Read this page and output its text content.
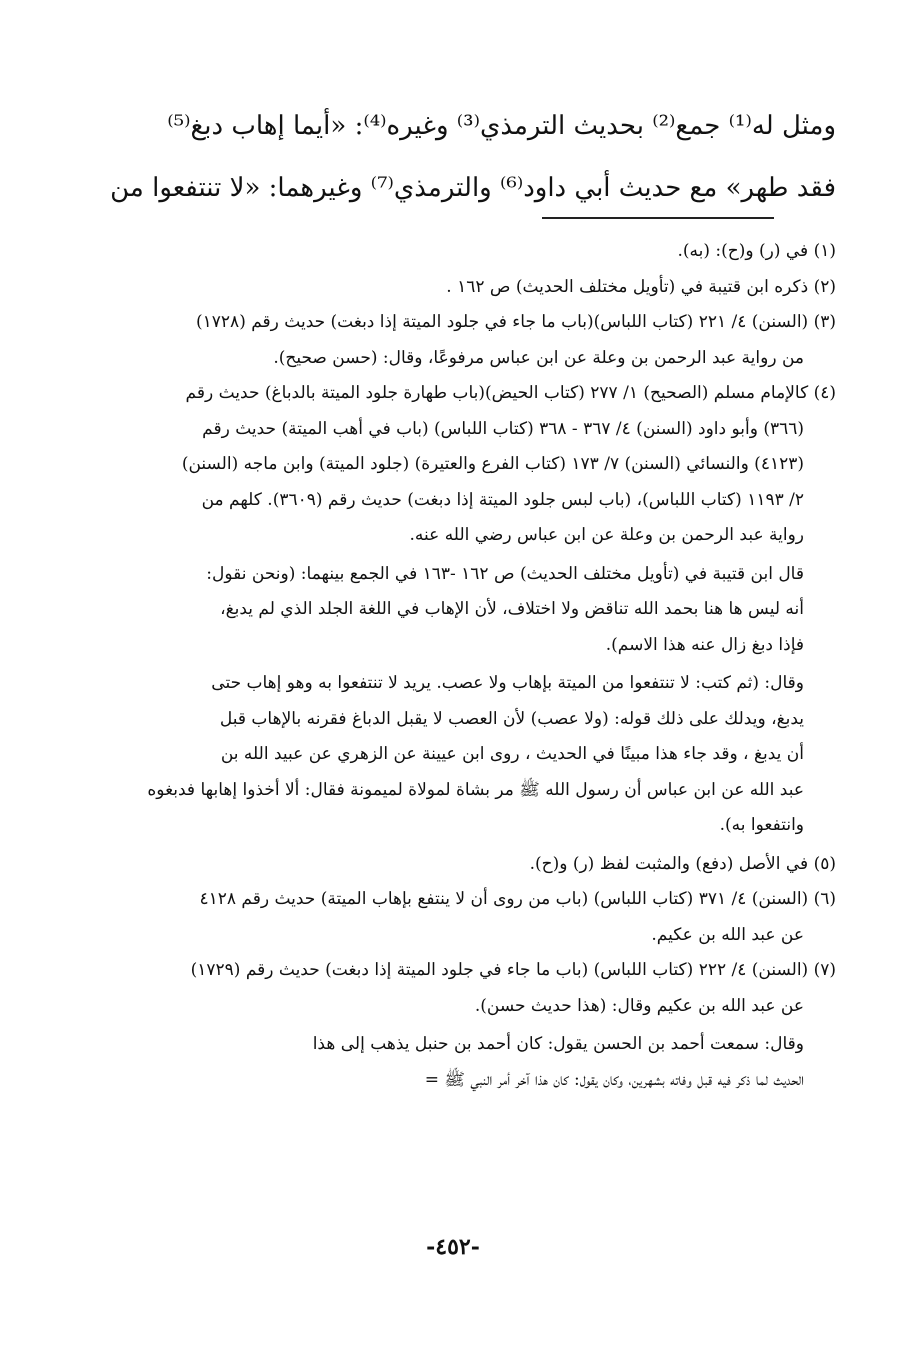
ومثل له⁽¹⁾ جمع⁽²⁾ بحديث الترمذي⁽³⁾ وغيره⁽⁴⁾: «أيما إهاب دبغ⁽⁵⁾
فقد طهر» مع حديث أبي داود⁽⁶⁾ والترمذي⁽⁷⁾ وغيرهما: «لا تنتفعوا من
(١) في (ر) و(ح): (به).
(٢) ذكره ابن قتيبة في (تأويل مختلف الحديث) ص ١٦٢ .
(٣) (السنن) ٤/ ٢٢١ (كتاب اللباس)(باب ما جاء في جلود الميتة إذا دبغت) حديث رقم (١٧٢٨)
من رواية عبد الرحمن بن وعلة عن ابن عباس مرفوعًا، وقال: (حسن صحيح).
(٤) كالإمام مسلم (الصحيح) ١/ ٢٧٧ (كتاب الحيض)(باب طهارة جلود الميتة بالدباغ) حديث رقم
(٣٦٦) وأبو داود (السنن) ٤/ ٣٦٧ - ٣٦٨ (كتاب اللباس) (باب في أهب الميتة) حديث رقم
(٤١٢٣) والنسائي (السنن) ٧/ ١٧٣ (كتاب الفرع والعتيرة) (جلود الميتة) وابن ماجه (السنن)
٢/ ١١٩٣ (كتاب اللباس)، (باب لبس جلود الميتة إذا دبغت) حديث رقم (٣٦٠٩). كلهم من
رواية عبد الرحمن بن وعلة عن ابن عباس رضي الله عنه.
قال ابن قتيبة في (تأويل مختلف الحديث) ص ١٦٢ -١٦٣ في الجمع بينهما: (ونحن نقول:
أنه ليس ها هنا بحمد الله تناقض ولا اختلاف، لأن الإهاب في اللغة الجلد الذي لم يدبغ،
فإذا دبغ زال عنه هذا الاسم).
وقال: (ثم كتب: لا تنتفعوا من الميتة بإهاب ولا عصب. يريد لا تنتفعوا به وهو إهاب حتى
يدبغ، ويدلك على ذلك قوله: (ولا عصب) لأن العصب لا يقبل الدباغ فقرنه بالإهاب قبل
أن يدبغ ، وقد جاء هذا مبينًا في الحديث ، روى ابن عيينة عن الزهري عن عبيد الله بن
عبد الله عن ابن عباس أن رسول الله ﷺ مر بشاة لمولاة لميمونة فقال: ألا أخذوا إهابها فدبغوه
وانتفعوا به).
(٥) في الأصل (دفع) والمثبت لفظ (ر) و(ح).
(٦) (السنن) ٤/ ٣٧١ (كتاب اللباس) (باب من روى أن لا ينتفع بإهاب الميتة) حديث رقم ٤١٢٨
عن عبد الله بن عكيم.
(٧) (السنن) ٤/ ٢٢٢ (كتاب اللباس) (باب ما جاء في جلود الميتة إذا دبغت) حديث رقم (١٧٢٩)
عن عبد الله بن عكيم وقال: (هذا حديث حسن).
وقال: سمعت أحمد بن الحسن يقول: كان أحمد بن حنبل يذهب إلى هذا
الحديث لما ذكر فيه قبل وفاته بشهرين، وكان يقول: كان هذا آخر أمر النبي ﷺ =
-٤٥٢-
